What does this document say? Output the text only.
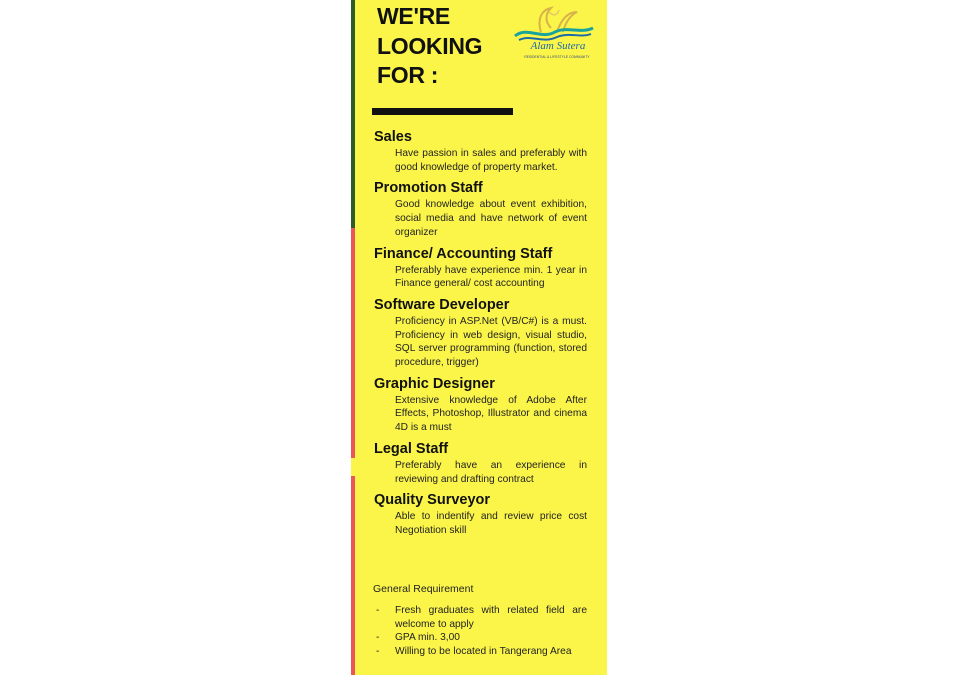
WE'RE
LOOKING
FOR :
Alam Sutera
RESIDENTIAL & LIFESTYLE COMMUNITY
Sales
Have passion in sales and preferably with good knowledge of property market.
Promotion Staff
Good knowledge about event exhibition, social media and have network of event organizer
Finance/ Accounting Staff
Preferably have experience min. 1 year in Finance general/ cost accounting
Software Developer
Proficiency in ASP.Net (VB/C#) is a must. Proficiency in web design, visual studio, SQL server programming (function, stored procedure, trigger)
Graphic Designer
Extensive knowledge of Adobe After Effects, Photoshop, Illustrator and cinema 4D is a must
Legal Staff
Preferably have an experience in reviewing and drafting contract
Quality Surveyor
Able to indentify and review price cost Negotiation skill
General Requirement
- Fresh graduates with related field are welcome to apply
- GPA min. 3,00
- Willing to be located in Tangerang Area
